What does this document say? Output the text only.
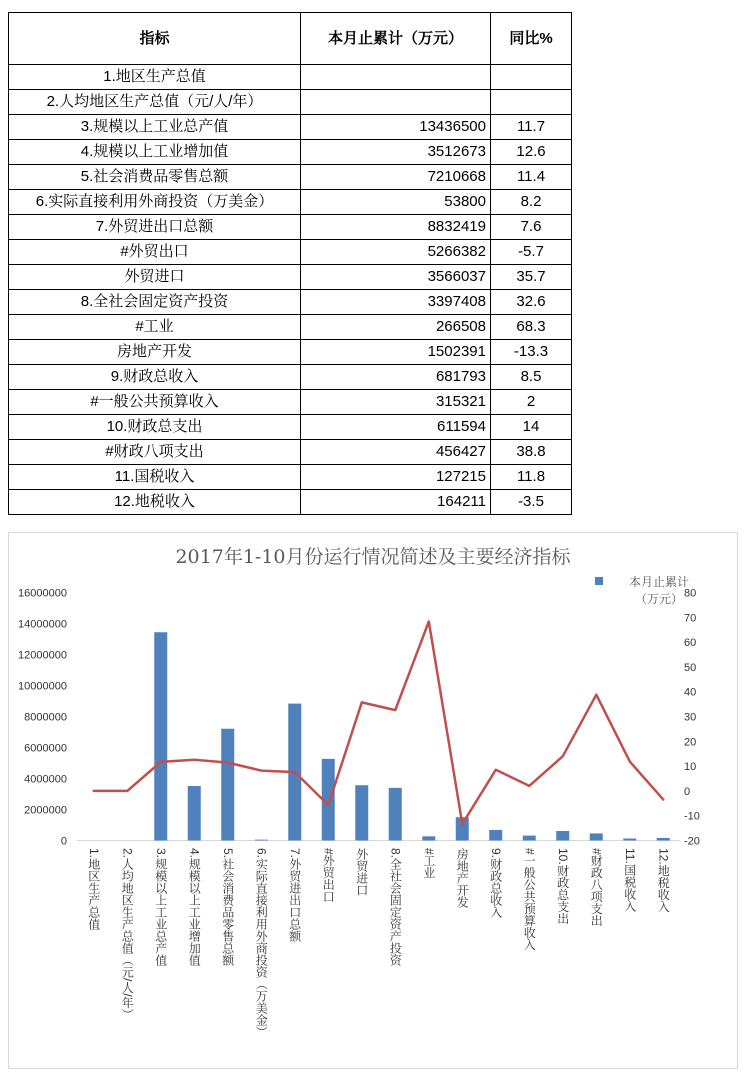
指标	本月止累计（万元）	同比%
1.地区生产总值		
2.人均地区生产总值（元/人/年）		
3.规模以上工业总产值	13436500	11.7
4.规模以上工业增加值	3512673	12.6
5.社会消费品零售总额	7210668	11.4
6.实际直接利用外商投资（万美金）	53800	8.2
7.外贸进出口总额	8832419	7.6
#外贸出口	5266382	-5.7
外贸进口	3566037	35.7
8.全社会固定资产投资	3397408	32.6
#工业	266508	68.3
房地产开发	1502391	-13.3
9.财政总收入	681793	8.5
#一般公共预算收入	315321	2
10.财政总支出	611594	14
#财政八项支出	456427	38.8
11.国税收入	127215	11.8
12.地税收入	164211	-3.5
2017年1-10月份运行情况简述及主要经济指标
本月止累计（万元）
0
2000000
4000000
6000000
8000000
10000000
12000000
14000000
16000000
-20
-10
0
10
20
30
40
50
60
70
80
1.地区生产总值 2.人均地区生产总值（元/人/年） 3.规模以上工业总产值 4.规模以上工业增加值 5.社会消费品零售总额 6.实际直接利用外商投资（万美金） 7.外贸进出口总额 #外贸出口 外贸进口 8.全社会固定资产投资 #工业 房地产开发 9.财政总收入 #一般公共预算收入 10.财政总支出 #财政八项支出 11.国税收入 12.地税收入
